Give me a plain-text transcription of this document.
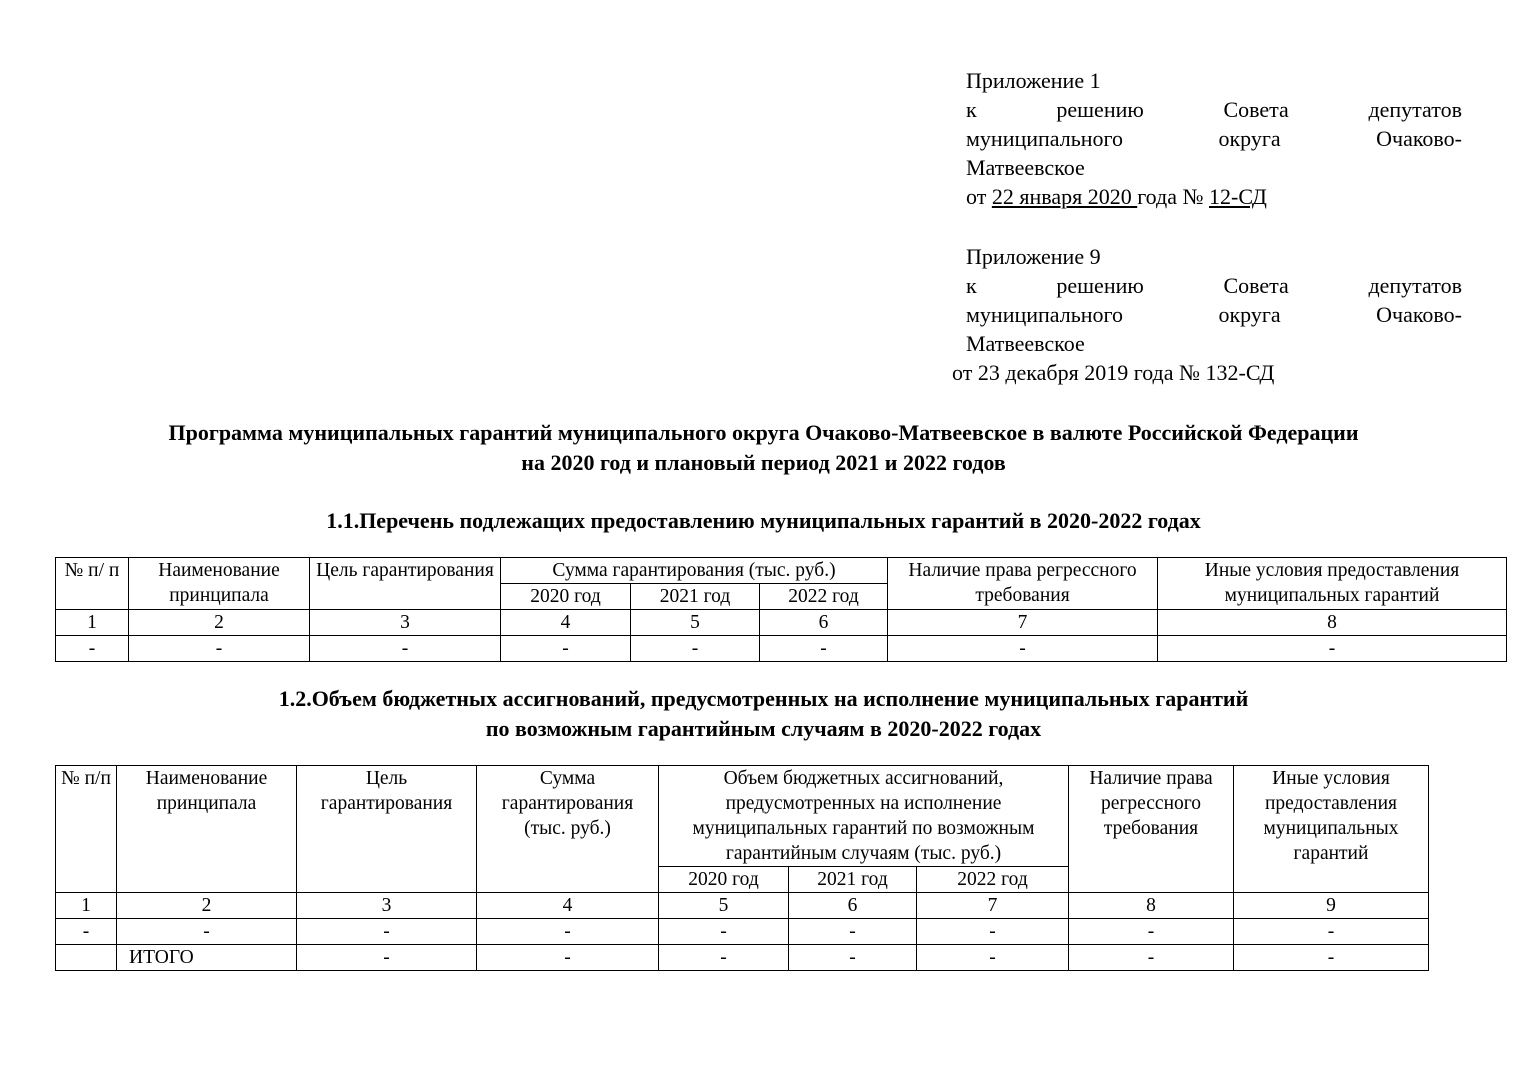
Приложение 1
к	решению	Совета	депутатов
муниципального	округа	Очаково-
Матвеевское
от 22 января 2020 года № 12-СД
Приложение 9
к	решению	Совета	депутатов
муниципального	округа	Очаково-
Матвеевское
от 23 декабря 2019 года № 132-СД
Программа муниципальных гарантий муниципального округа Очаково-Матвеевское в валюте Российской Федерации
на 2020 год и плановый период 2021 и 2022 годов
1.1.Перечень подлежащих предоставлению муниципальных гарантий в 2020-2022 годах
№ п/ п	Наименование принципала	Цель гарантирования	Сумма гарантирования (тыс. руб.)			Наличие права регрессного требования	Иные условия предоставления муниципальных гарантий
			2020 год	2021 год	2022 год		
1	2	3	4	5	6	7	8
-	-	-	-	-	-	-	-
1.2.Объем бюджетных ассигнований, предусмотренных на исполнение муниципальных гарантий
по возможным гарантийным случаям в 2020-2022 годах
№ п/п	Наименование принципала	Цель гарантирования	Сумма гарантирования (тыс. руб.)	Объем бюджетных ассигнований, предусмотренных на исполнение муниципальных гарантий по возможным гарантийным случаям (тыс. руб.)			Наличие права регрессного требования	Иные условия предоставления муниципальных гарантий
				2020 год	2021 год	2022 год		
1	2	3	4	5	6	7	8	9
-	-	-	-	-	-	-	-	-
	ИТОГО	-	-	-	-	-	-	-
